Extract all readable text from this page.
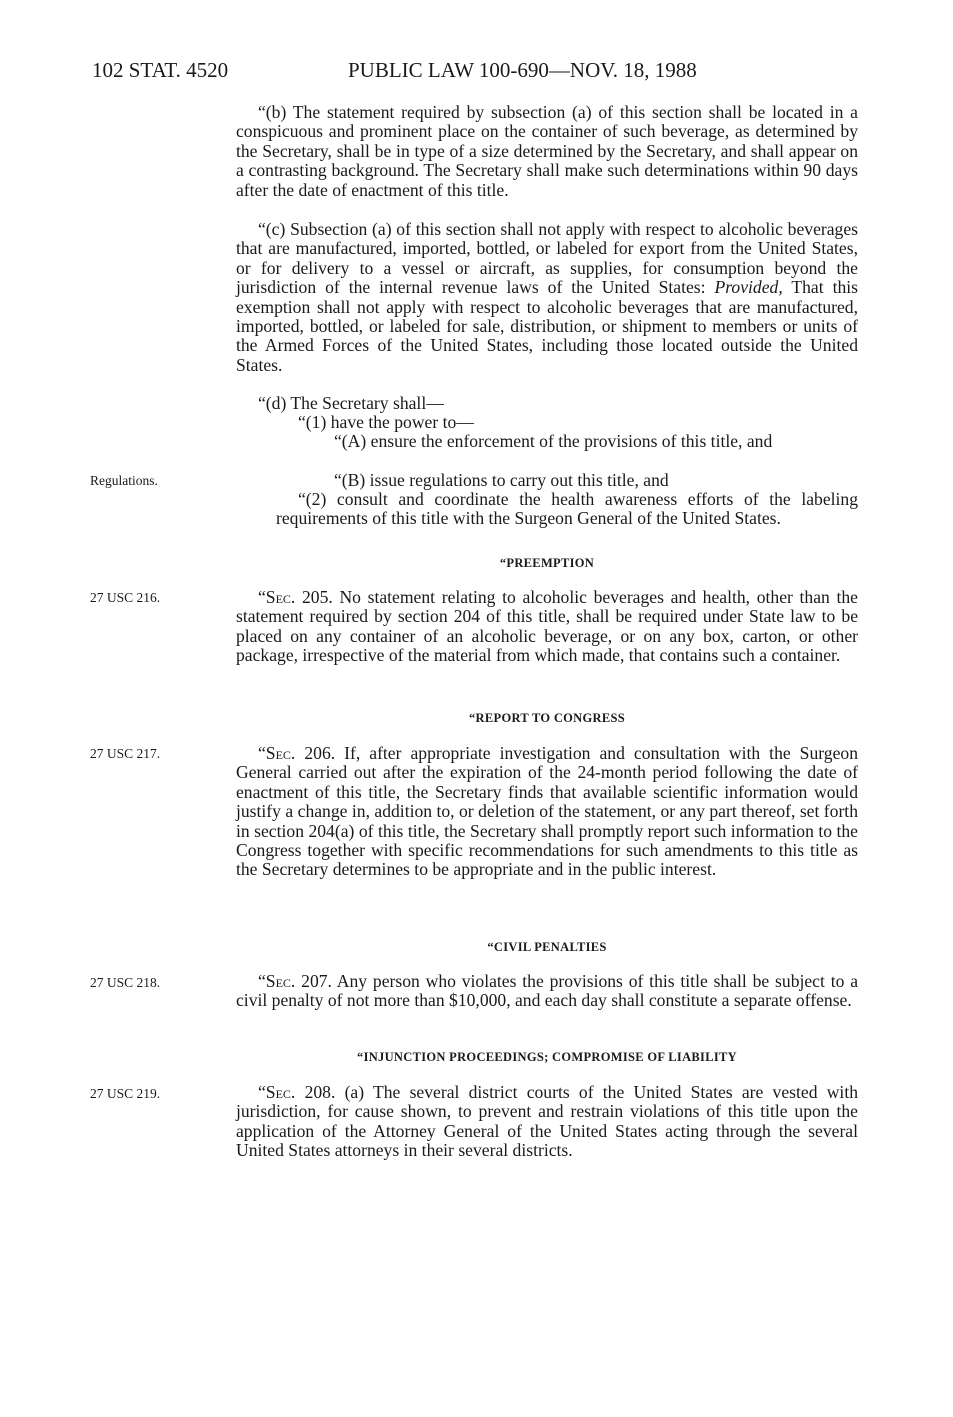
102 STAT. 4520	PUBLIC LAW 100-690—NOV. 18, 1988

“(b) The statement required by subsection (a) of this section shall be located in a conspicuous and prominent place on the container of such beverage, as determined by the Secretary, shall be in type of a size determined by the Secretary, and shall appear on a contrasting background. The Secretary shall make such determinations within 90 days after the date of enactment of this title.

“(c) Subsection (a) of this section shall not apply with respect to alcoholic beverages that are manufactured, imported, bottled, or labeled for export from the United States, or for delivery to a vessel or aircraft, as supplies, for consumption beyond the jurisdiction of the internal revenue laws of the United States: Provided, That this exemption shall not apply with respect to alcoholic beverages that are manufactured, imported, bottled, or labeled for sale, distribution, or shipment to members or units of the Armed Forces of the United States, including those located outside the United States.

“(d) The Secretary shall—

“(1) have the power to—

“(A) ensure the enforcement of the provisions of this title, and
Regulations.	“(B) issue regulations to carry out this title, and

“(2) consult and coordinate the health awareness efforts of the labeling requirements of this title with the Surgeon General of the United States.

“PREEMPTION
27 USC 216.	“Sec. 205. No statement relating to alcoholic beverages and health, other than the statement required by section 204 of this title, shall be required under State law to be placed on any container of an alcoholic beverage, or on any box, carton, or other package, irrespective of the material from which made, that contains such a container.

“REPORT TO CONGRESS
27 USC 217.	“Sec. 206. If, after appropriate investigation and consultation with the Surgeon General carried out after the expiration of the 24-month period following the date of enactment of this title, the Secretary finds that available scientific information would justify a change in, addition to, or deletion of the statement, or any part thereof, set forth in section 204(a) of this title, the Secretary shall promptly report such information to the Congress together with specific recommendations for such amendments to this title as the Secretary determines to be appropriate and in the public interest.

“CIVIL PENALTIES
27 USC 218.	“Sec. 207. Any person who violates the provisions of this title shall be subject to a civil penalty of not more than $10,000, and each day shall constitute a separate offense.

“INJUNCTION PROCEEDINGS; COMPROMISE OF LIABILITY
27 USC 219.	“Sec. 208. (a) The several district courts of the United States are vested with jurisdiction, for cause shown, to prevent and restrain violations of this title upon the application of the Attorney General of the United States acting through the several United States attorneys in their several districts.
